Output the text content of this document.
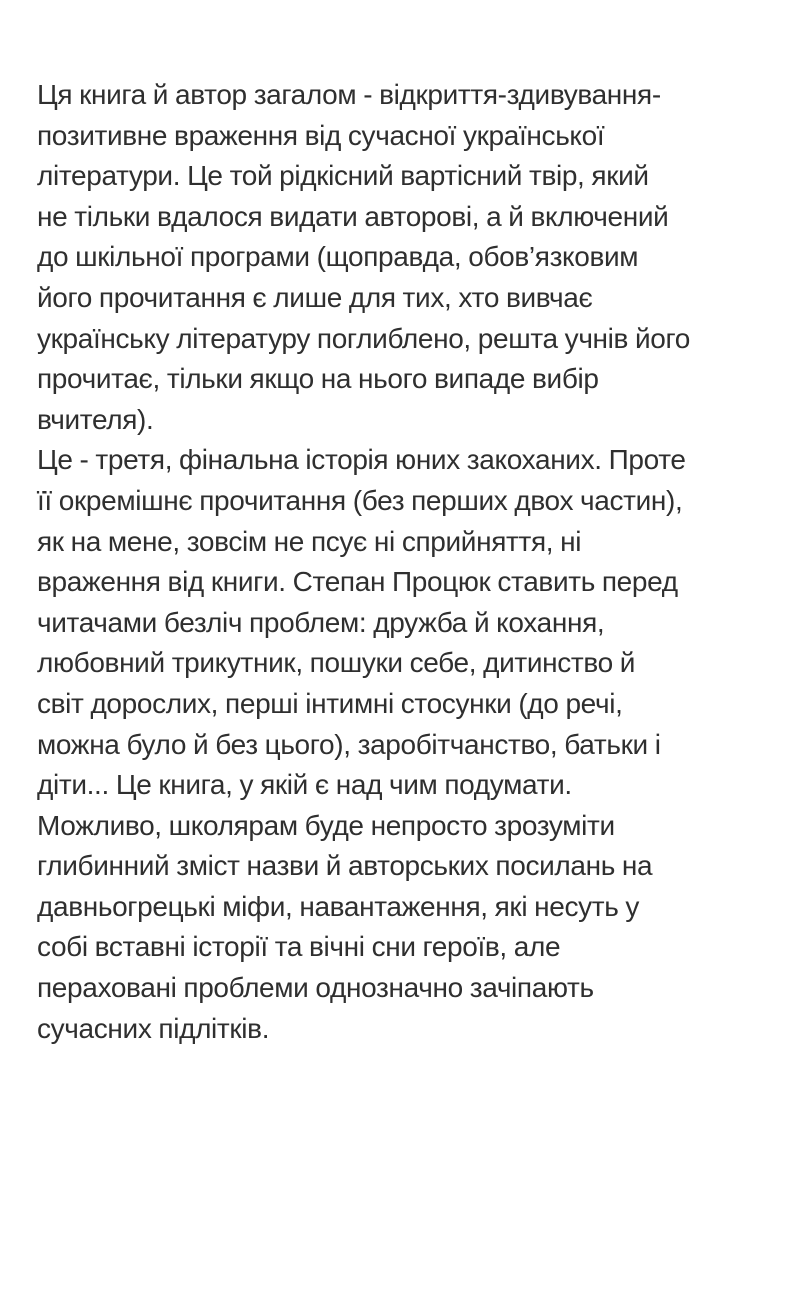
Ця книга й автор загалом - відкриття-здивування-
позитивне враження від сучасної української
літератури. Це той рідкісний вартісний твір, який
не тільки вдалося видати авторові, а й включений
до шкільної програми (щоправда, обов’язковим
його прочитання є лише для тих, хто вивчає
українську літературу поглиблено, решта учнів його
прочитає, тільки якщо на нього випаде вибір
вчителя).
Це - третя, фінальна історія юних закоханих. Проте
її окремішнє прочитання (без перших двох частин),
як на мене, зовсім не псує ні сприйняття, ні
враження від книги. Степан Процюк ставить перед
читачами безліч проблем: дружба й кохання,
любовний трикутник, пошуки себе, дитинство й
світ дорослих, перші інтимні стосунки (до речі,
можна було й без цього), заробітчанство, батьки і
діти... Це книга, у якій є над чим подумати.
Можливо, школярам буде непросто зрозуміти
глибинний зміст назви й авторських посилань на
давньогрецькі міфи, навантаження, які несуть у
собі вставні історії та вічні сни героїв, але
пераховані проблеми однозначно зачіпають
сучасних підлітків.
